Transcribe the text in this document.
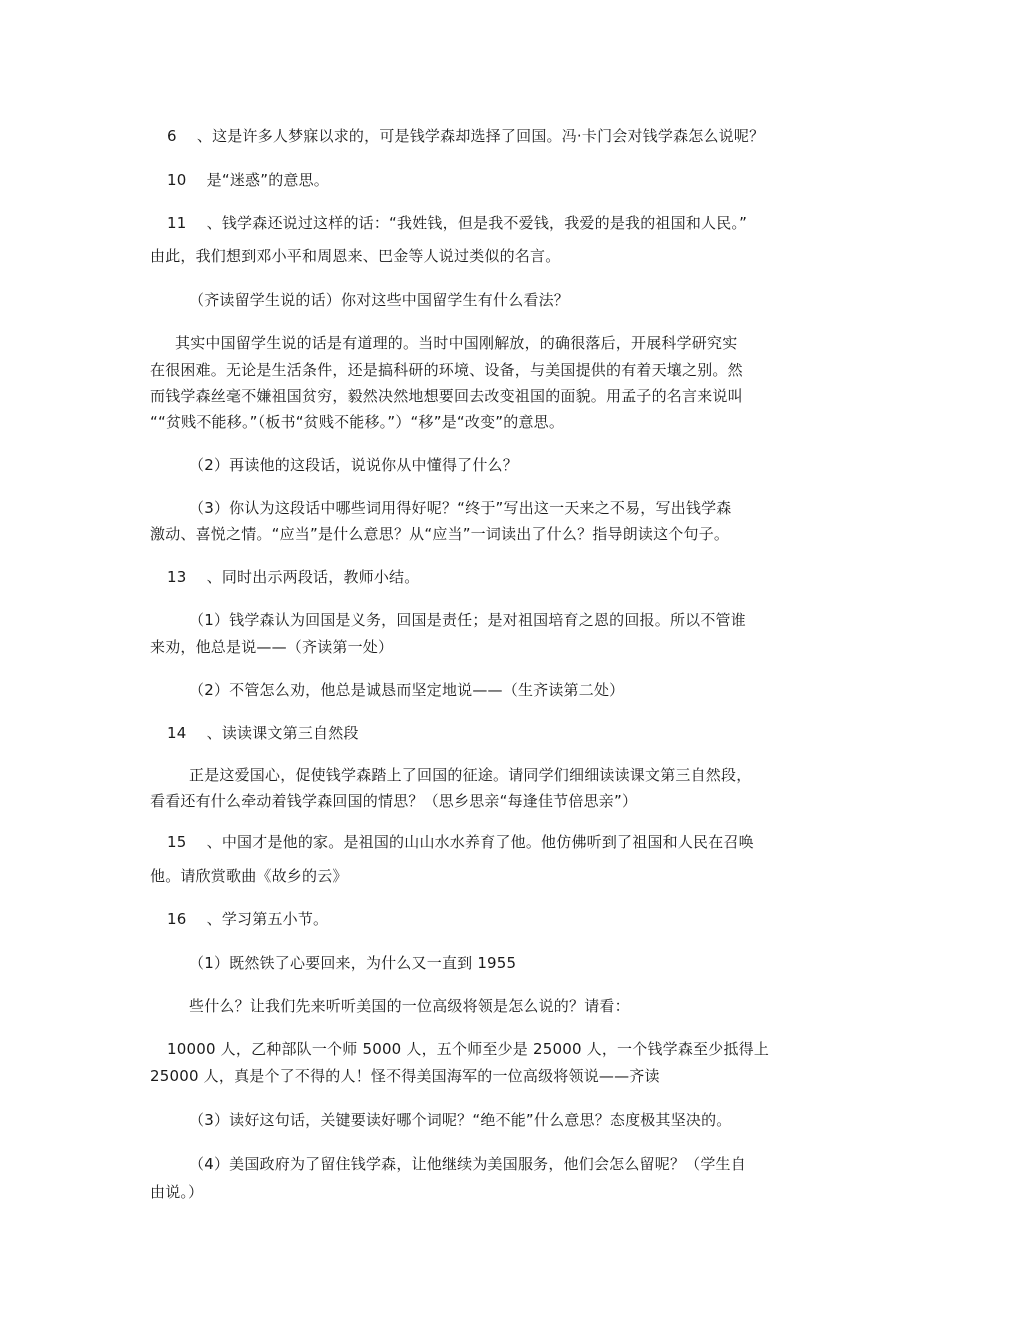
6 　、这是许多人梦寐以求的，可是钱学森却选择了回国。冯·卡门会对钱学森怎么说呢？
10 　是“迷惑”的意思。
11 　、钱学森还说过这样的话：“我姓钱，但是我不爱钱，我爱的是我的祖国和人民。”
由此，我们想到邓小平和周恩来、巴金等人说过类似的名言。
（齐读留学生说的话）你对这些中国留学生有什么看法？
其实中国留学生说的话是有道理的。当时中国刚解放，的确很落后，开展科学研究实
在很困难。无论是生活条件，还是搞科研的环境、设备，与美国提供的有着天壤之别。然
而钱学森丝毫不嫌祖国贫穷，毅然决然地想要回去改变祖国的面貌。用孟子的名言来说叫
““贫贱不能移。”（板书“贫贱不能移。”）“移”是“改变”的意思。
（2）再读他的这段话，说说你从中懂得了什么？
（3）你认为这段话中哪些词用得好呢？“终于”写出这一天来之不易，写出钱学森
激动、喜悦之情。“应当”是什么意思？从“应当”一词读出了什么？指导朗读这个句子。
13 　、同时出示两段话，教师小结。
（1）钱学森认为回国是义务，回国是责任；是对祖国培育之恩的回报。所以不管谁
来劝，他总是说——（齐读第一处）
（2）不管怎么劝，他总是诚恳而坚定地说——（生齐读第二处）
14 　、读读课文第三自然段
正是这爱国心，促使钱学森踏上了回国的征途。请同学们细细读读课文第三自然段，
看看还有什么牵动着钱学森回国的情思？（思乡思亲“每逢佳节倍思亲”）
15 　、中国才是他的家。是祖国的山山水水养育了他。他仿佛听到了祖国和人民在召唤
他。请欣赏歌曲《故乡的云》
16 　、学习第五小节。
（1）既然铁了心要回来，为什么又一直到 1955
些什么？让我们先来听听美国的一位高级将领是怎么说的？请看：
10000 人，乙种部队一个师 5000 人，五个师至少是 25000 人，一个钱学森至少抵得上
25000 人，真是个了不得的人！怪不得美国海军的一位高级将领说——齐读
（3）读好这句话，关键要读好哪个词呢？“绝不能”什么意思？态度极其坚决的。
（4）美国政府为了留住钱学森，让他继续为美国服务，他们会怎么留呢？（学生自
由说。）
